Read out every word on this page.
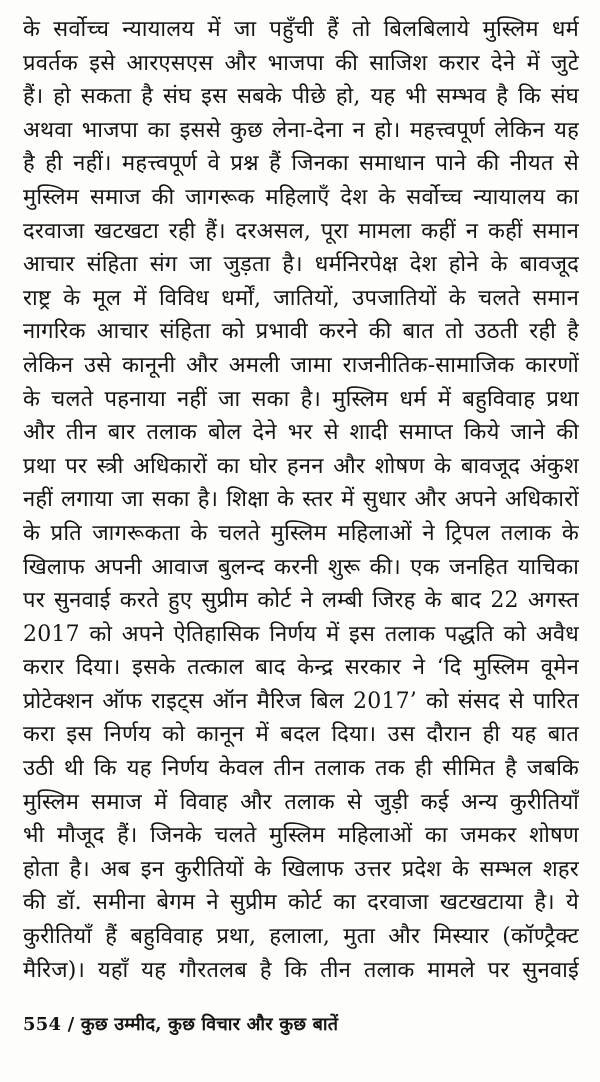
के सर्वोच्च न्यायालय में जा पहुँची हैं तो बिलबिलाये मुस्लिम धर्म
प्रवर्तक इसे आरएसएस और भाजपा की साजिश करार देने में जुटे
हैं। हो सकता है संघ इस सबके पीछे हो, यह भी सम्भव है कि संघ
अथवा भाजपा का इससे कुछ लेना-देना न हो। महत्त्वपूर्ण लेकिन यह
है ही नहीं। महत्त्वपूर्ण वे प्रश्न हैं जिनका समाधान पाने की नीयत से
मुस्लिम समाज की जागरूक महिलाएँ देश के सर्वोच्च न्यायालय का
दरवाजा खटखटा रही हैं। दरअसल, पूरा मामला कहीं न कहीं समान
आचार संहिता संग जा जुड़ता है। धर्मनिरपेक्ष देश होने के बावजूद
राष्ट्र के मूल में विविध धर्मों, जातियों, उपजातियों के चलते समान
नागरिक आचार संहिता को प्रभावी करने की बात तो उठती रही है
लेकिन उसे कानूनी और अमली जामा राजनीतिक-सामाजिक कारणों
के चलते पहनाया नहीं जा सका है। मुस्लिम धर्म में बहुविवाह प्रथा
और तीन बार तलाक बोल देने भर से शादी समाप्त किये जाने की
प्रथा पर स्त्री अधिकारों का घोर हनन और शोषण के बावजूद अंकुश
नहीं लगाया जा सका है। शिक्षा के स्तर में सुधार और अपने अधिकारों
के प्रति जागरूकता के चलते मुस्लिम महिलाओं ने ट्रिपल तलाक के
खिलाफ अपनी आवाज बुलन्द करनी शुरू की। एक जनहित याचिका
पर सुनवाई करते हुए सुप्रीम कोर्ट ने लम्बी जिरह के बाद 22 अगस्त
2017 को अपने ऐतिहासिक निर्णय में इस तलाक पद्धति को अवैध
करार दिया। इसके तत्काल बाद केन्द्र सरकार ने ‘दि मुस्लिम वूमेन
प्रोटेक्शन ऑफ राइट्स ऑन मैरिज बिल 2017’ को संसद से पारित
करा इस निर्णय को कानून में बदल दिया। उस दौरान ही यह बात
उठी थी कि यह निर्णय केवल तीन तलाक तक ही सीमित है जबकि
मुस्लिम समाज में विवाह और तलाक से जुड़ी कई अन्य कुरीतियाँ
भी मौजूद हैं। जिनके चलते मुस्लिम महिलाओं का जमकर शोषण
होता है। अब इन कुरीतियों के खिलाफ उत्तर प्रदेश के सम्भल शहर
की डॉ. समीना बेगम ने सुप्रीम कोर्ट का दरवाजा खटखटाया है। ये
कुरीतियाँ हैं बहुविवाह प्रथा, हलाला, मुता और मिस्यार (कॉण्ट्रैक्ट
मैरिज)। यहाँ यह गौरतलब है कि तीन तलाक मामले पर सुनवाई
554 / कुछ उम्मीद, कुछ विचार और कुछ बातें
